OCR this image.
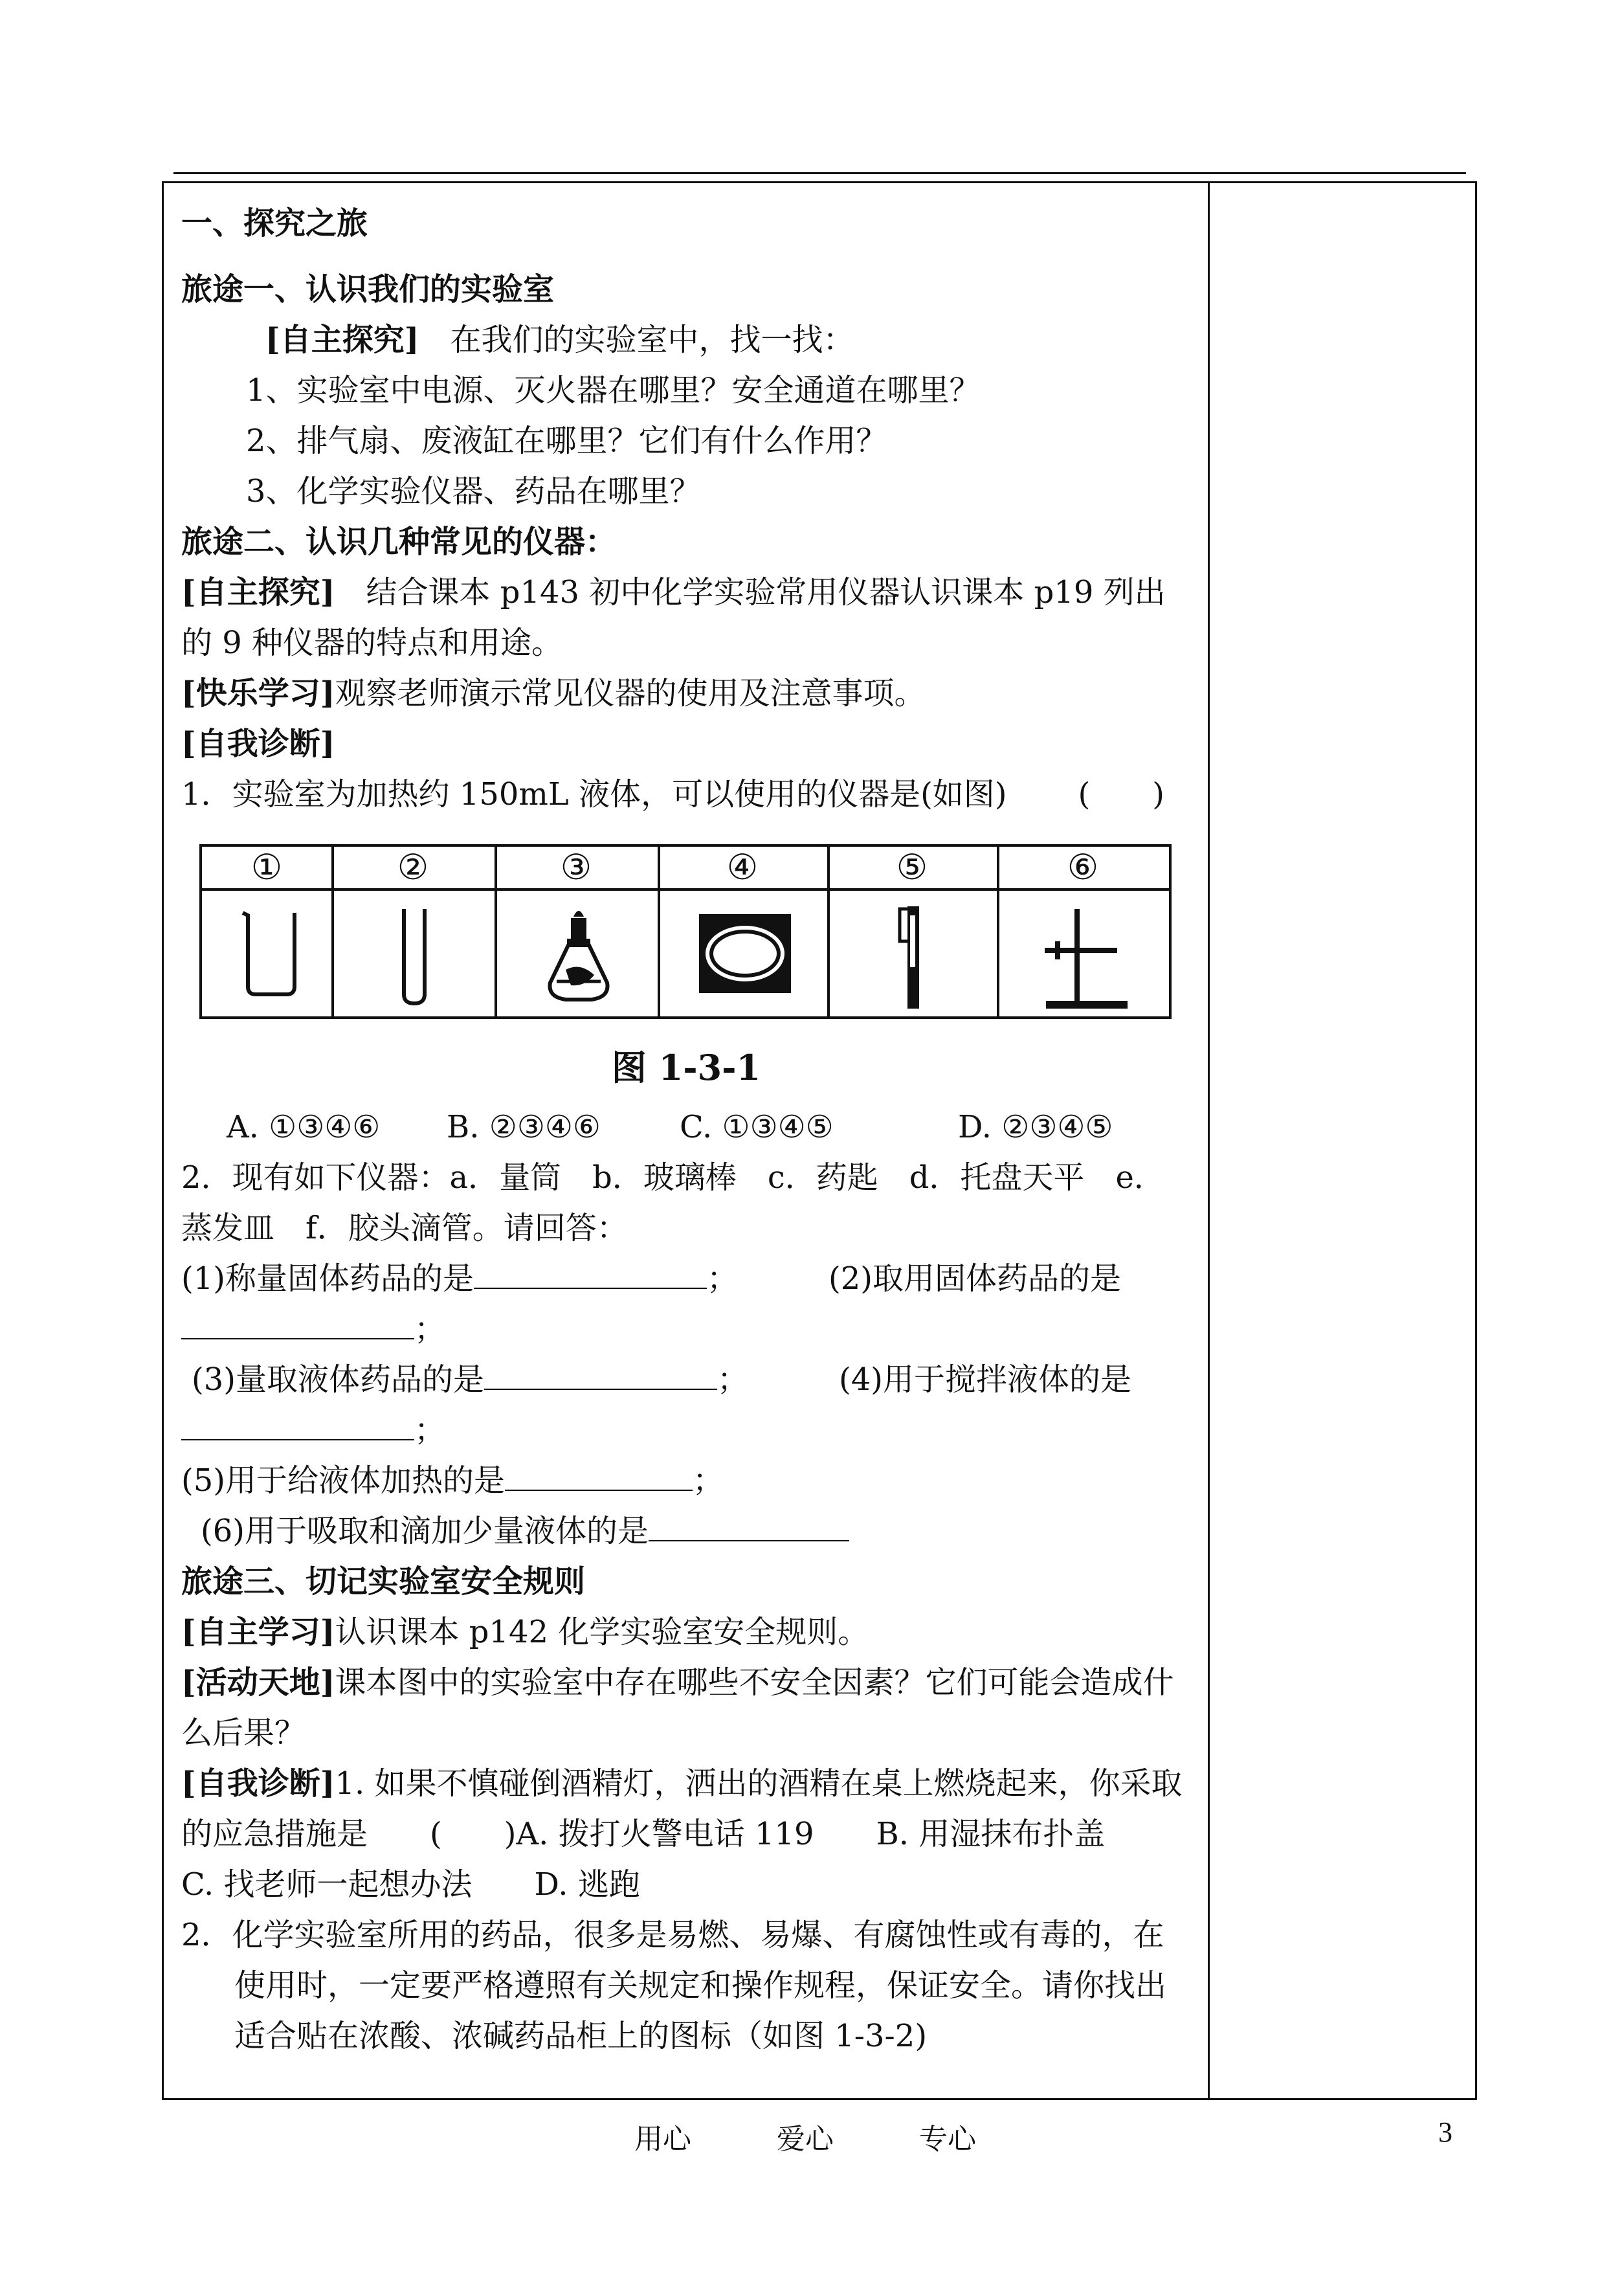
一、探究之旅

旅途一、认识我们的实验室

[自主探究]　 在我们的实验室中，找一找：

1、实验室中电源、灭火器在哪里？安全通道在哪里？

2、排气扇、废液缸在哪里？它们有什么作用？

3、化学实验仪器、药品在哪里？

旅途二、认识几种常见的仪器：

[自主探究]　 结合课本 p143 初中化学实验常用仪器认识课本 p19 列出的 9 种仪器的特点和用途。

[快乐学习]观察老师演示常见仪器的使用及注意事项。

[自我诊断]

1．实验室为加热约 150mL 液体，可以使用的仪器是(如图) (　　)

①	②	③	④	⑤	⑥
图 1-3-1

A. ①③④⑥ B. ②③④⑥	C. ①③④⑤	D. ②③④⑤

2．现有如下仪器：a．量筒　b．玻璃棒　c．药匙　d．托盘天平　e．蒸发皿　f．胶头滴管。请回答：

(1)称量固体药品的是	；	(2)取用固体药品的是

；

(3)量取液体药品的是	；	(4)用于搅拌液体的是

；

(5)用于给液体加热的是	；

(6)用于吸取和滴加少量液体的是

旅途三、切记实验室安全规则

[自主学习]认识课本 p142 化学实验室安全规则。

[活动天地]课本图中的实验室中存在哪些不安全因素？它们可能会造成什么后果？

[自我诊断]1. 如果不慎碰倒酒精灯，洒出的酒精在桌上燃烧起来，你采取的应急措施是　　(　　)A. 拨打火警电话 119　　B. 用湿抹布扑盖　　C. 找老师一起想办法　　D. 逃跑

2．化学实验室所用的药品，很多是易燃、易爆、有腐蚀性或有毒的，在使用时，一定要严格遵照有关规定和操作规程，保证安全。请你找出适合贴在浓酸、浓碱药品柜上的图标（如图 1-3-2)

用心　　　爱心　　　专心	3
